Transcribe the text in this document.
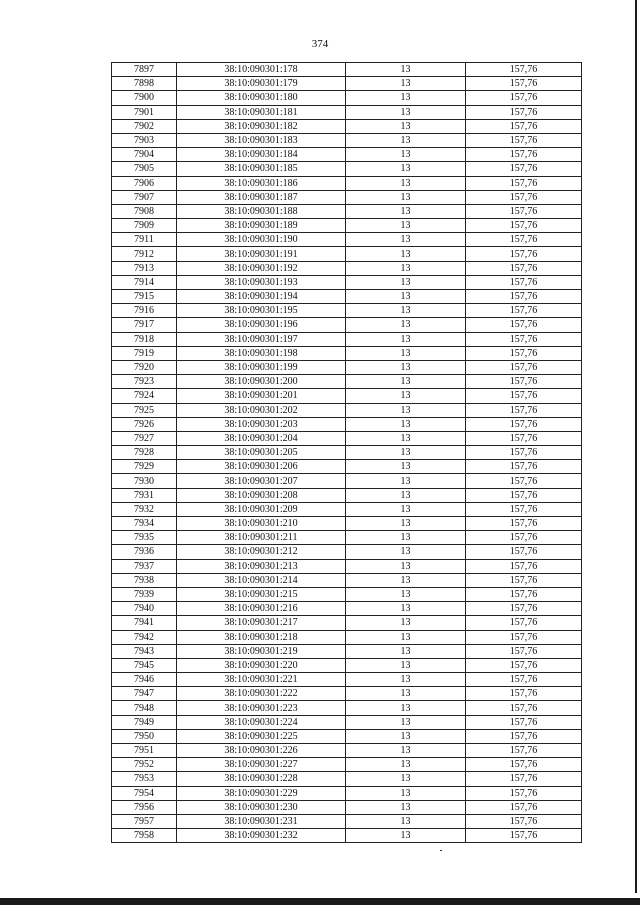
374
7897	38:10:090301:178	13	157,76
7898	38:10:090301:179	13	157,76
7900	38:10:090301:180	13	157,76
7901	38:10:090301:181	13	157,76
7902	38:10:090301:182	13	157,76
7903	38:10:090301:183	13	157,76
7904	38:10:090301:184	13	157,76
7905	38:10:090301:185	13	157,76
7906	38:10:090301:186	13	157,76
7907	38:10:090301:187	13	157,76
7908	38:10:090301:188	13	157,76
7909	38:10:090301:189	13	157,76
7911	38:10:090301:190	13	157,76
7912	38:10:090301:191	13	157,76
7913	38:10:090301:192	13	157,76
7914	38:10:090301:193	13	157,76
7915	38:10:090301:194	13	157,76
7916	38:10:090301:195	13	157,76
7917	38:10:090301:196	13	157,76
7918	38:10:090301:197	13	157,76
7919	38:10:090301:198	13	157,76
7920	38:10:090301:199	13	157,76
7923	38:10:090301:200	13	157,76
7924	38:10:090301:201	13	157,76
7925	38:10:090301:202	13	157,76
7926	38:10:090301:203	13	157,76
7927	38:10:090301:204	13	157,76
7928	38:10:090301:205	13	157,76
7929	38:10:090301:206	13	157,76
7930	38:10:090301:207	13	157,76
7931	38:10:090301:208	13	157,76
7932	38:10:090301:209	13	157,76
7934	38:10:090301:210	13	157,76
7935	38:10:090301:211	13	157,76
7936	38:10:090301:212	13	157,76
7937	38:10:090301:213	13	157,76
7938	38:10:090301:214	13	157,76
7939	38:10:090301:215	13	157,76
7940	38:10:090301:216	13	157,76
7941	38:10:090301:217	13	157,76
7942	38:10:090301:218	13	157,76
7943	38:10:090301:219	13	157,76
7945	38:10:090301:220	13	157,76
7946	38:10:090301:221	13	157,76
7947	38:10:090301:222	13	157,76
7948	38:10:090301:223	13	157,76
7949	38:10:090301:224	13	157,76
7950	38:10:090301:225	13	157,76
7951	38:10:090301:226	13	157,76
7952	38:10:090301:227	13	157,76
7953	38:10:090301:228	13	157,76
7954	38:10:090301:229	13	157,76
7956	38:10:090301:230	13	157,76
7957	38:10:090301:231	13	157,76
7958	38:10:090301:232	13	157,76
